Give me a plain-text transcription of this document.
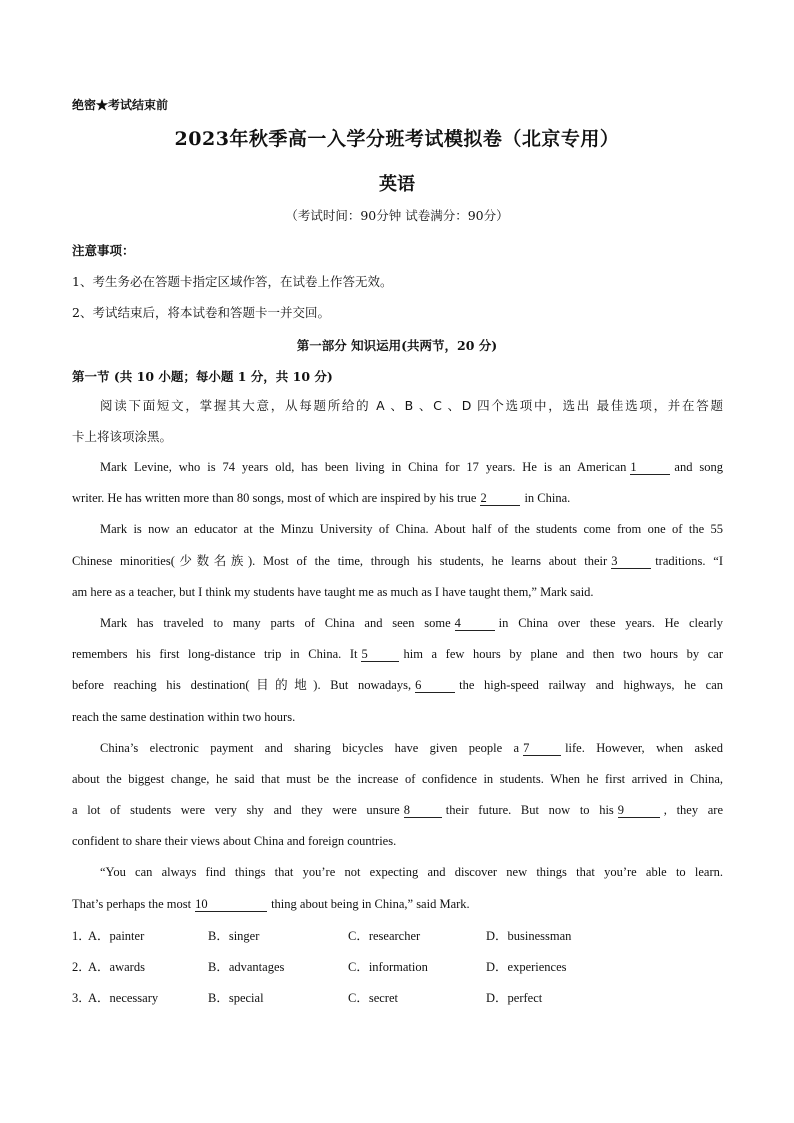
绝密★考试结束前
2023年秋季高一入学分班考试模拟卷（北京专用）
英语
（考试时间：90分钟 试卷满分：90分）
注意事项：
1、考生务必在答题卡指定区域作答，在试卷上作答无效。
2、考试结束后，将本试卷和答题卡一并交回。
第一部分 知识运用(共两节，20 分)
第一节 (共 10 小题；每小题 1 分，共 10 分)
阅读下面短文，掌握其大意，从每题所给的 A 、B 、C 、D 四个选项中，选出 最佳选项，并在答题
卡上将该项涂黑。
Mark Levine, who is 74 years old, has been living in China for 17 years. He is an American 1	and song
writer. He has written more than 80 songs, most of which are inspired by his true 2	in China.
Mark is now an educator at the Minzu University of China. About half of the students come from one of the 55
Chinese minorities(少数名族). Most of the time, through his students, he learns about their 3	traditions. “I
am here as a teacher, but I think my students have taught me as much as I have taught them,” Mark said.
Mark has traveled to many parts of China and seen some 4	in China over these years. He clearly
remembers his first long-distance trip in China. It 5	him a few hours by plane and then two hours by car
before reaching his destination(目的地). But nowadays, 6	the high-speed railway and highways, he can
reach the same destination within two hours.
China’s electronic payment and sharing bicycles have given people a 7	life. However, when asked
about the biggest change, he said that must be the increase of confidence in students. When he first arrived in China,
a lot of students were very shy and they were unsure 8	their future. But now to his 9	, they are
confident to share their views about China and foreign countries.
“You can always find things that you’re not expecting and discover new things that you’re able to learn.
That’s perhaps the most 10	thing about being in China,” said Mark.
1．
A．painter	B．singer	C．researcher	D．businessman
2．
A．awards	B．advantages	C．information	D．experiences
3．
A．necessary	B．special	C．secret	D．perfect
